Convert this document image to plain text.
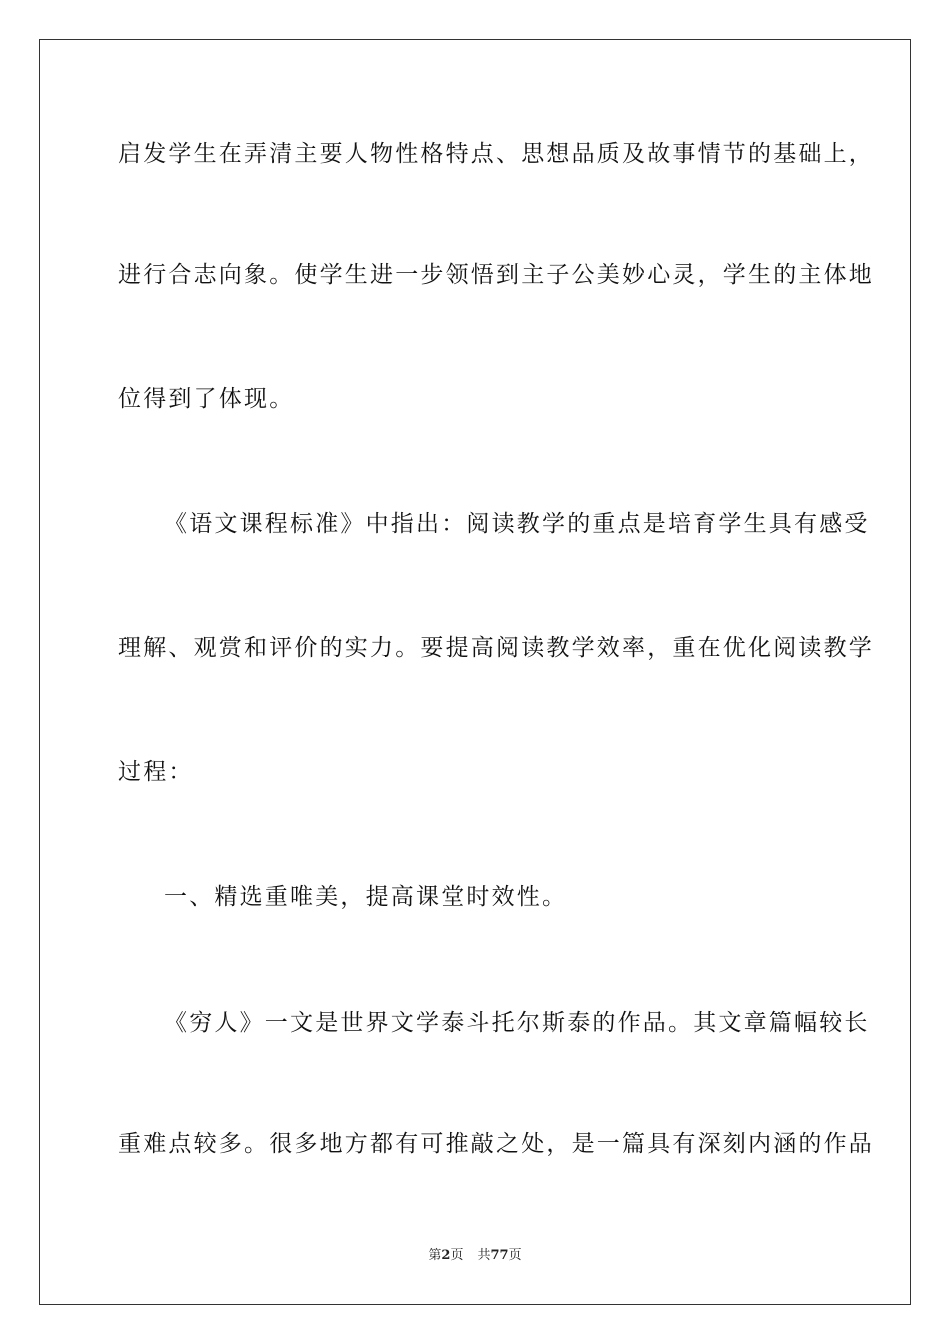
启发学生在弄清主要人物性格特点、思想品质及故事情节的基础上，
进行合志向象。使学生进一步领悟到主子公美妙心灵，学生的主体地
位得到了体现。
《语文课程标准》中指出：阅读教学的重点是培育学生具有感受
理解、观赏和评价的实力。要提高阅读教学效率，重在优化阅读教学
过程：
一、精选重唯美，提高课堂时效性。
《穷人》一文是世界文学泰斗托尔斯泰的作品。其文章篇幅较长
重难点较多。很多地方都有可推敲之处，是一篇具有深刻内涵的作品
第2页 共77页
